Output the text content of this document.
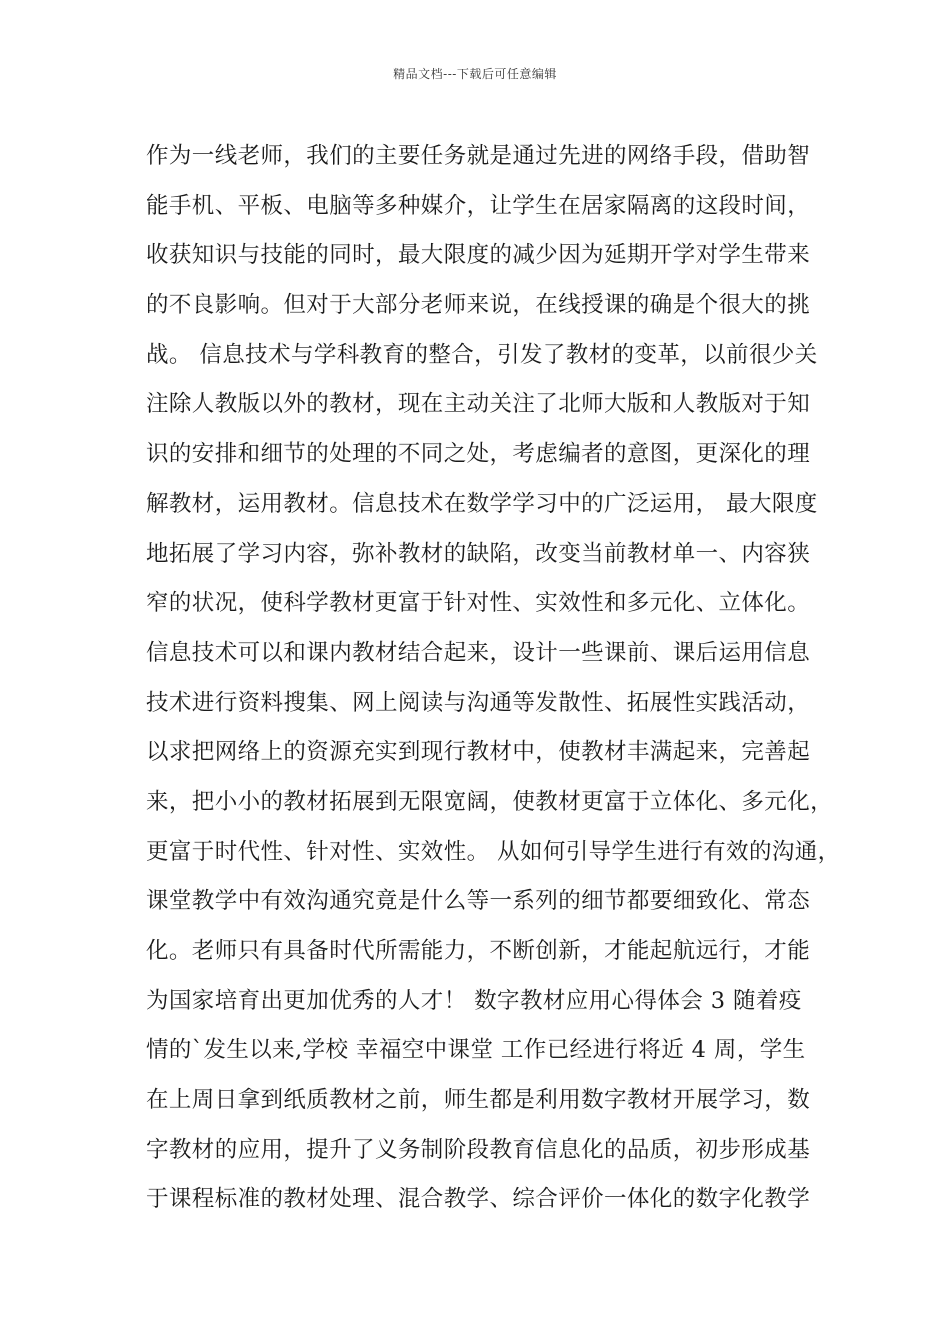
精品文档---下载后可任意编辑
作为一线老师，我们的主要任务就是通过先进的网络手段，借助智
能手机、平板、电脑等多种媒介，让学生在居家隔离的这段时间，
收获知识与技能的同时，最大限度的减少因为延期开学对学生带来
的不良影响。但对于大部分老师来说，在线授课的确是个很大的挑
战。 信息技术与学科教育的整合，引发了教材的变革，以前很少关
注除人教版以外的教材，现在主动关注了北师大版和人教版对于知
识的安排和细节的处理的不同之处，考虑编者的意图，更深化的理
解教材，运用教材。信息技术在数学学习中的广泛运用， 最大限度
地拓展了学习内容，弥补教材的缺陷，改变当前教材单一、内容狭
窄的状况，使科学教材更富于针对性、实效性和多元化、立体化。
信息技术可以和课内教材结合起来，设计一些课前、课后运用信息
技术进行资料搜集、网上阅读与沟通等发散性、拓展性实践活动，
以求把网络上的资源充实到现行教材中，使教材丰满起来，完善起
来，把小小的教材拓展到无限宽阔，使教材更富于立体化、多元化，
更富于时代性、针对性、实效性。 从如何引导学生进行有效的沟通，
课堂教学中有效沟通究竟是什么等一系列的细节都要细致化、常态
化。老师只有具备时代所需能力，不断创新，才能起航远行，才能
为国家培育出更加优秀的人才！ 数字教材应用心得体会 3 随着疫
情的`发生以来,学校 幸福空中课堂 工作已经进行将近 4 周，学生
在上周日拿到纸质教材之前，师生都是利用数字教材开展学习，数
字教材的应用，提升了义务制阶段教育信息化的品质，初步形成基
于课程标准的教材处理、混合教学、综合评价一体化的数字化教学
